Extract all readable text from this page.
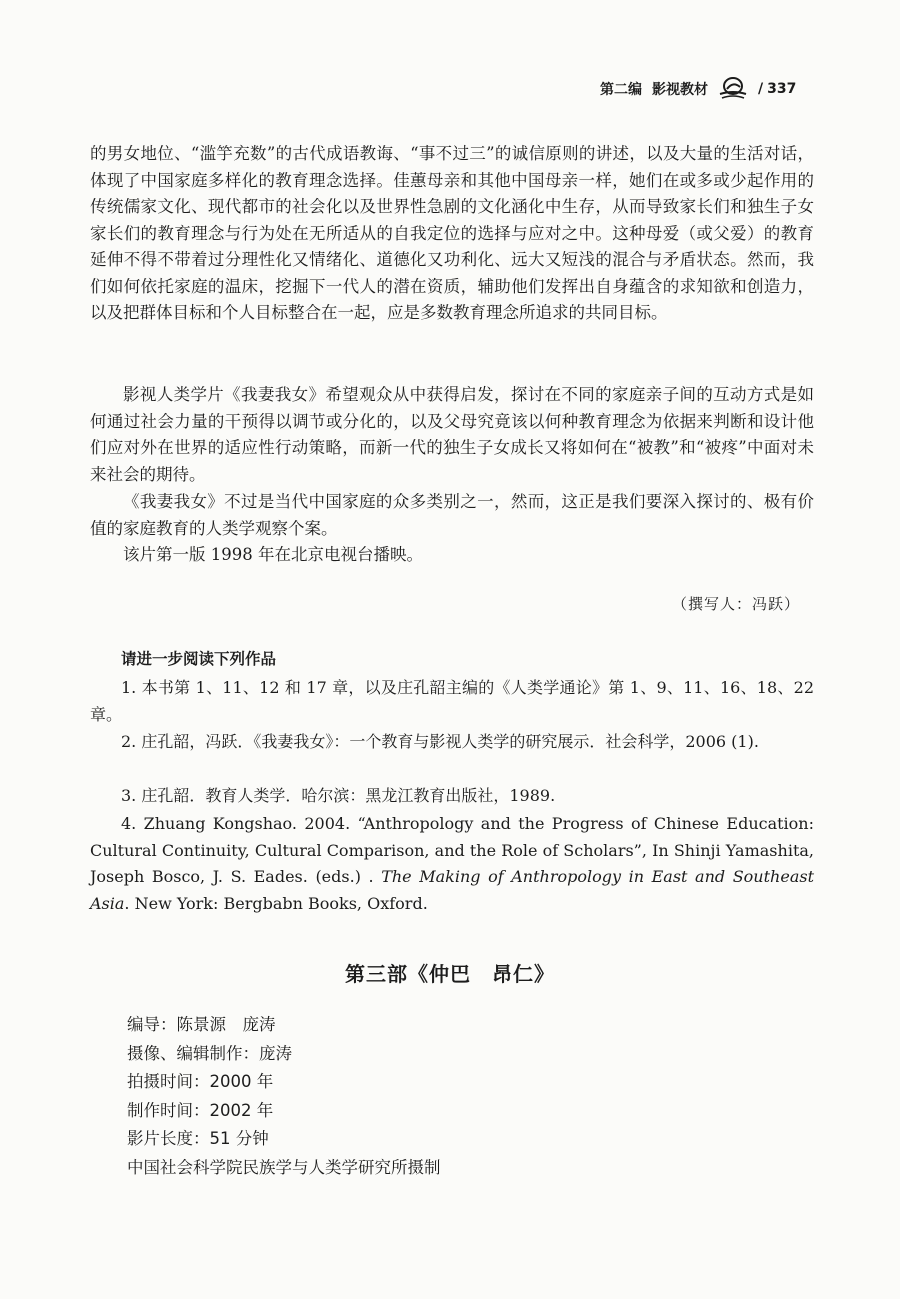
第二编 影视教材	/ 337

的男女地位、“滥竽充数”的古代成语教诲、“事不过三”的诚信原则的讲述，以及大量的生活对话，体现了中国家庭多样化的教育理念选择。佳蕙母亲和其他中国母亲一样，她们在或多或少起作用的传统儒家文化、现代都市的社会化以及世界性急剧的文化涵化中生存，从而导致家长们和独生子女家长们的教育理念与行为处在无所适从的自我定位的选择与应对之中。这种母爱（或父爱）的教育延伸不得不带着过分理性化又情绪化、道德化又功利化、远大又短浅的混合与矛盾状态。然而，我们如何依托家庭的温床，挖掘下一代人的潜在资质，辅助他们发挥出自身蕴含的求知欲和创造力，以及把群体目标和个人目标整合在一起，应是多数教育理念所追求的共同目标。

影视人类学片《我妻我女》希望观众从中获得启发，探讨在不同的家庭亲子间的互动方式是如何通过社会力量的干预得以调节或分化的，以及父母究竟该以何种教育理念为依据来判断和设计他们应对外在世界的适应性行动策略，而新一代的独生子女成长又将如何在“被教”和“被疼”中面对未来社会的期待。

《我妻我女》不过是当代中国家庭的众多类别之一，然而，这正是我们要深入探讨的、极有价值的家庭教育的人类学观察个案。

该片第一版 1998 年在北京电视台播映。

（撰写人：冯跃）
请进一步阅读下列作品

1. 本书第 1、11、12 和 17 章，以及庄孔韶主编的《人类学通论》第 1、9、11、16、18、22 章。

2. 庄孔韶，冯跃．《我妻我女》：一个教育与影视人类学的研究展示．社会科学，2006 (1).

3. 庄孔韶．教育人类学．哈尔滨：黑龙江教育出版社，1989.

4. Zhuang Kongshao. 2004. “Anthropology and the Progress of Chinese Education: Cultural Continuity, Cultural Comparison, and the Role of Scholars”, In Shinji Yamashita, Joseph Bosco, J. S. Eades. (eds.) . The Making of Anthropology in East and Southeast Asia. New York: Bergbabn Books, Oxford.

第三部《仲巴　昂仁》
编导：陈景源　庞涛
摄像、编辑制作：庞涛
拍摄时间：2000 年
制作时间：2002 年
影片长度：51 分钟
中国社会科学院民族学与人类学研究所摄制
